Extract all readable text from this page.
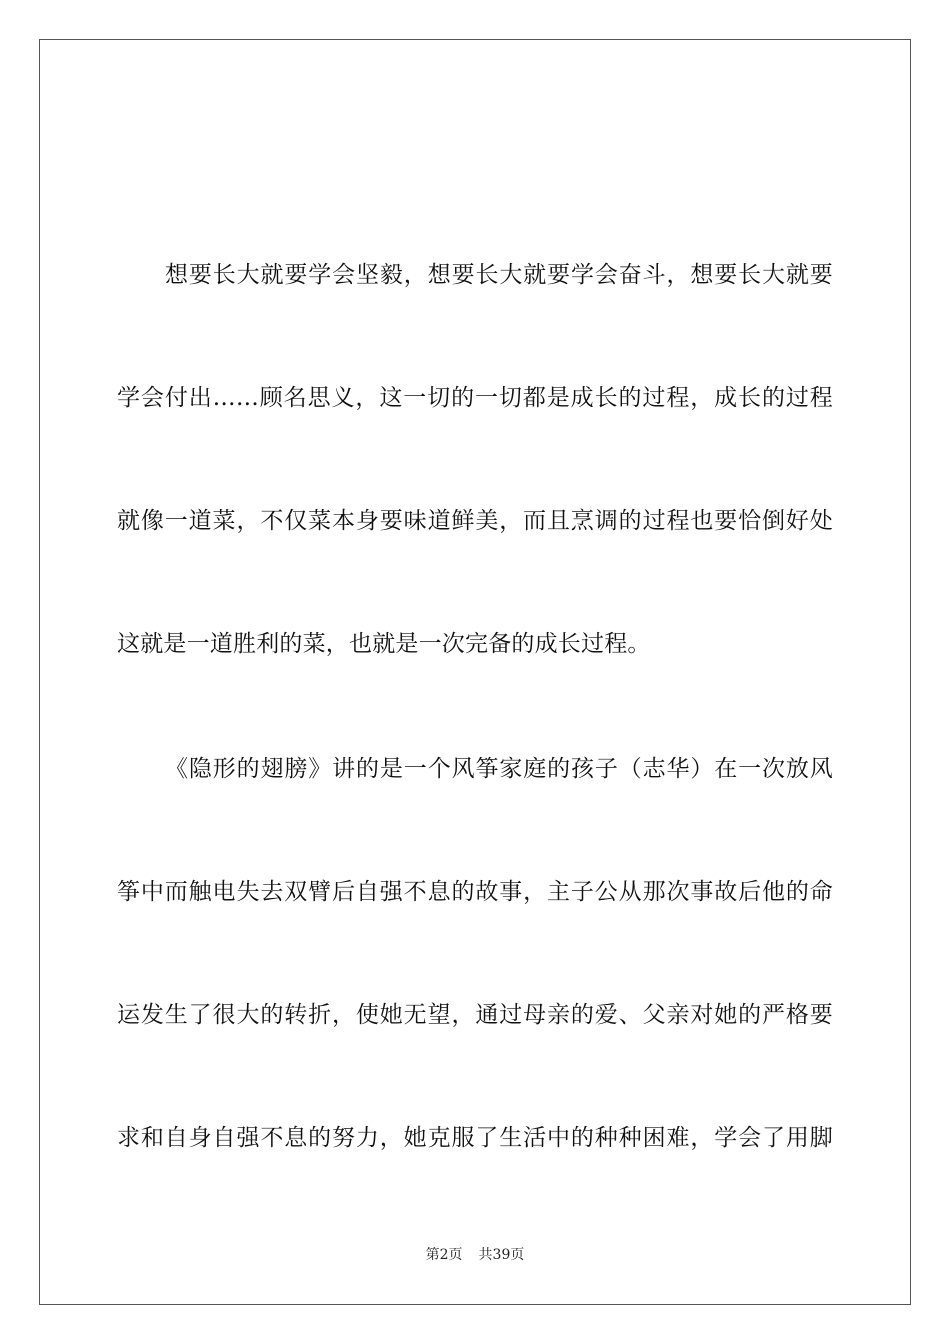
想要长大就要学会坚毅，想要长大就要学会奋斗，想要长大就要
学会付出……顾名思义，这一切的一切都是成长的过程，成长的过程
就像一道菜，不仅菜本身要味道鲜美，而且烹调的过程也要恰倒好处
这就是一道胜利的菜，也就是一次完备的成长过程。
《隐形的翅膀》讲的是一个风筝家庭的孩子（志华）在一次放风
筝中而触电失去双臂后自强不息的故事，主子公从那次事故后他的命
运发生了很大的转折，使她无望，通过母亲的爱、父亲对她的严格要
求和自身自强不息的努力，她克服了生活中的种种困难，学会了用脚
第2页 共39页
